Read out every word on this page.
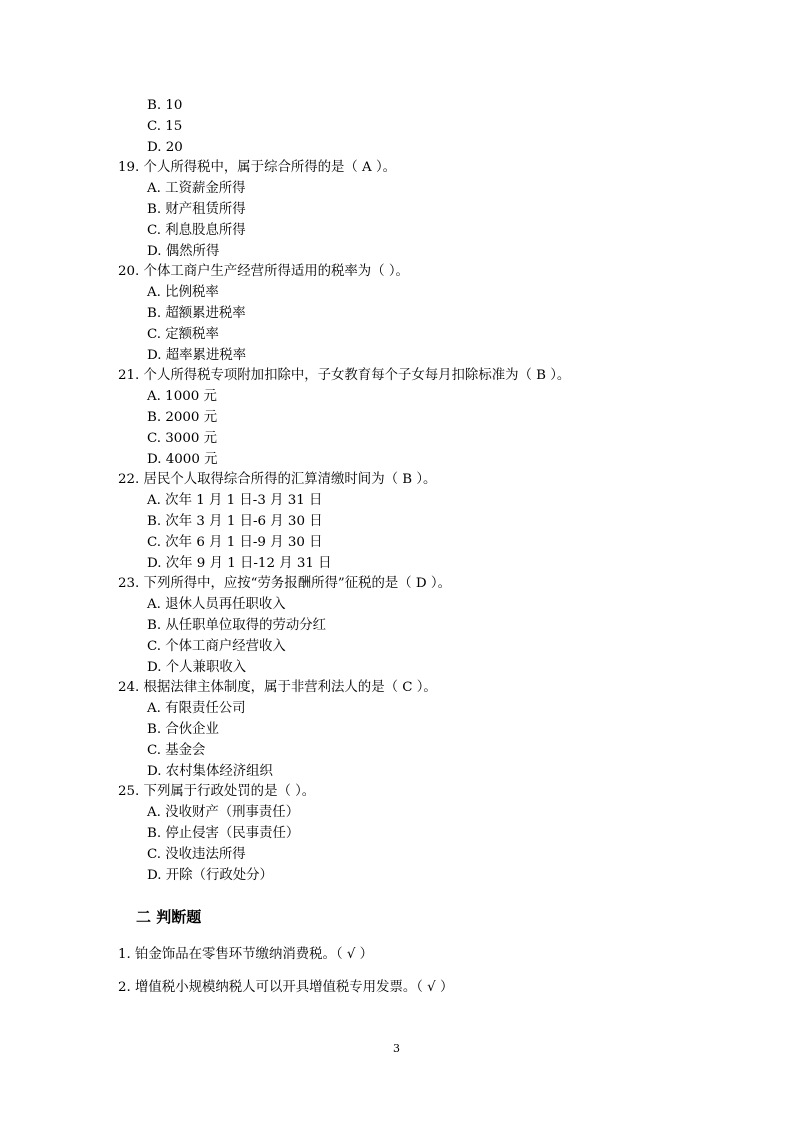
B. 10
C. 15
D. 20
19. 个人所得税中，属于综合所得的是（ A ）。
A. 工资薪金所得
B. 财产租赁所得
C. 利息股息所得
D. 偶然所得
20. 个体工商户生产经营所得适用的税率为（ ）。
A. 比例税率
B. 超额累进税率
C. 定额税率
D. 超率累进税率
21. 个人所得税专项附加扣除中，子女教育每个子女每月扣除标准为（ B ）。
A. 1000 元
B. 2000 元
C. 3000 元
D. 4000 元
22. 居民个人取得综合所得的汇算清缴时间为（ B ）。
A. 次年 1 月 1 日-3 月 31 日
B. 次年 3 月 1 日-6 月 30 日
C. 次年 6 月 1 日-9 月 30 日
D. 次年 9 月 1 日-12 月 31 日
23. 下列所得中，应按“劳务报酬所得”征税的是（ D ）。
A. 退休人员再任职收入
B. 从任职单位取得的劳动分红
C. 个体工商户经营收入
D. 个人兼职收入
24. 根据法律主体制度，属于非营利法人的是（ C ）。
A. 有限责任公司
B. 合伙企业
C. 基金会
D. 农村集体经济组织
25. 下列属于行政处罚的是（ ）。
A. 没收财产（刑事责任）
B. 停止侵害（民事责任）
C. 没收违法所得
D. 开除（行政处分）
二 判断题
1. 铂金饰品在零售环节缴纳消费税。（ √ ）
2. 增值税小规模纳税人可以开具增值税专用发票。（ √ ）
3
